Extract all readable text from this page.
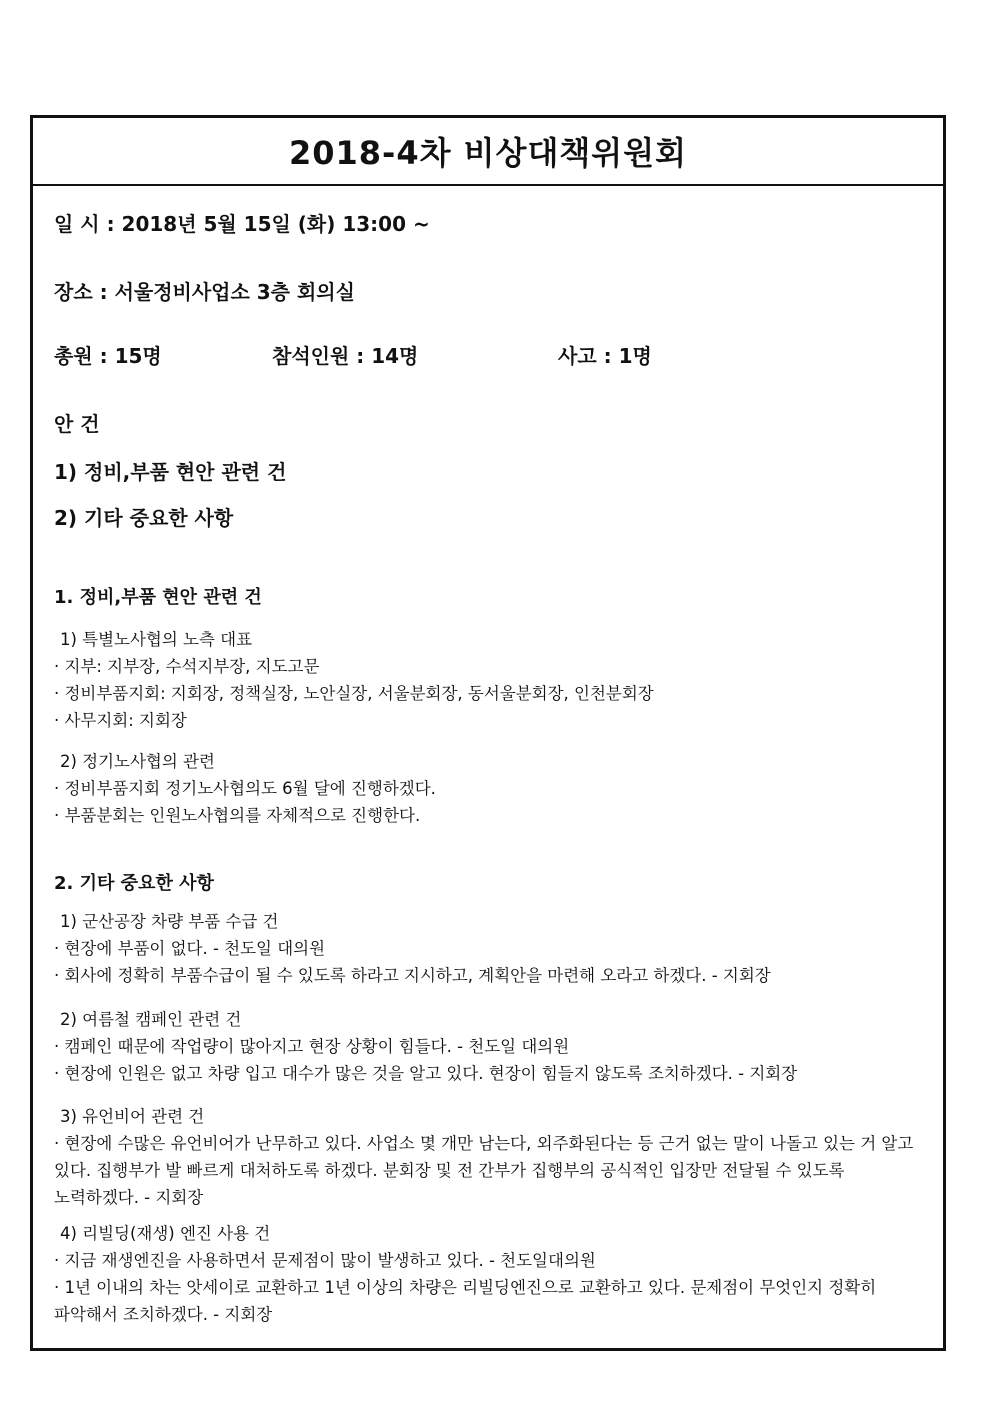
2018-4차 비상대책위원회
일 시 : 2018년 5월 15일 (화) 13:00 ~
장소 : 서울정비사업소 3층 회의실
총원 : 15명	참석인원 : 14명	사고 : 1명
안 건
1) 정비,부품 현안 관련 건
2) 기타 중요한 사항
1. 정비,부품 현안 관련 건
1) 특별노사협의 노측 대표
· 지부: 지부장, 수석지부장, 지도고문
· 정비부품지회: 지회장, 정책실장, 노안실장, 서울분회장, 동서울분회장, 인천분회장
· 사무지회: 지회장
2) 정기노사협의 관련
· 정비부품지회 정기노사협의도 6월 달에 진행하겠다.
· 부품분회는 인원노사협의를 자체적으로 진행한다.
2. 기타 중요한 사항
1) 군산공장 차량 부품 수급 건
· 현장에 부품이 없다. - 천도일 대의원
· 회사에 정확히 부품수급이 될 수 있도록 하라고 지시하고, 계획안을 마련해 오라고 하겠다. - 지회장
2) 여름철 캠페인 관련 건
· 캠페인 때문에 작업량이 많아지고 현장 상황이 힘들다. - 천도일 대의원
· 현장에 인원은 없고 차량 입고 대수가 많은 것을 알고 있다. 현장이 힘들지 않도록 조치하겠다. - 지회장
3) 유언비어 관련 건
· 현장에 수많은 유언비어가 난무하고 있다. 사업소 몇 개만 남는다, 외주화된다는 등 근거 없는 말이 나돌고 있는 거 알고 있다. 집행부가 발 빠르게 대처하도록 하겠다. 분회장 및 전 간부가 집행부의 공식적인 입장만 전달될 수 있도록 노력하겠다. - 지회장
4) 리빌딩(재생) 엔진 사용 건
· 지금 재생엔진을 사용하면서 문제점이 많이 발생하고 있다. - 천도일대의원
· 1년 이내의 차는 앗세이로 교환하고 1년 이상의 차량은 리빌딩엔진으로 교환하고 있다. 문제점이 무엇인지 정확히 파악해서 조치하겠다. - 지회장
